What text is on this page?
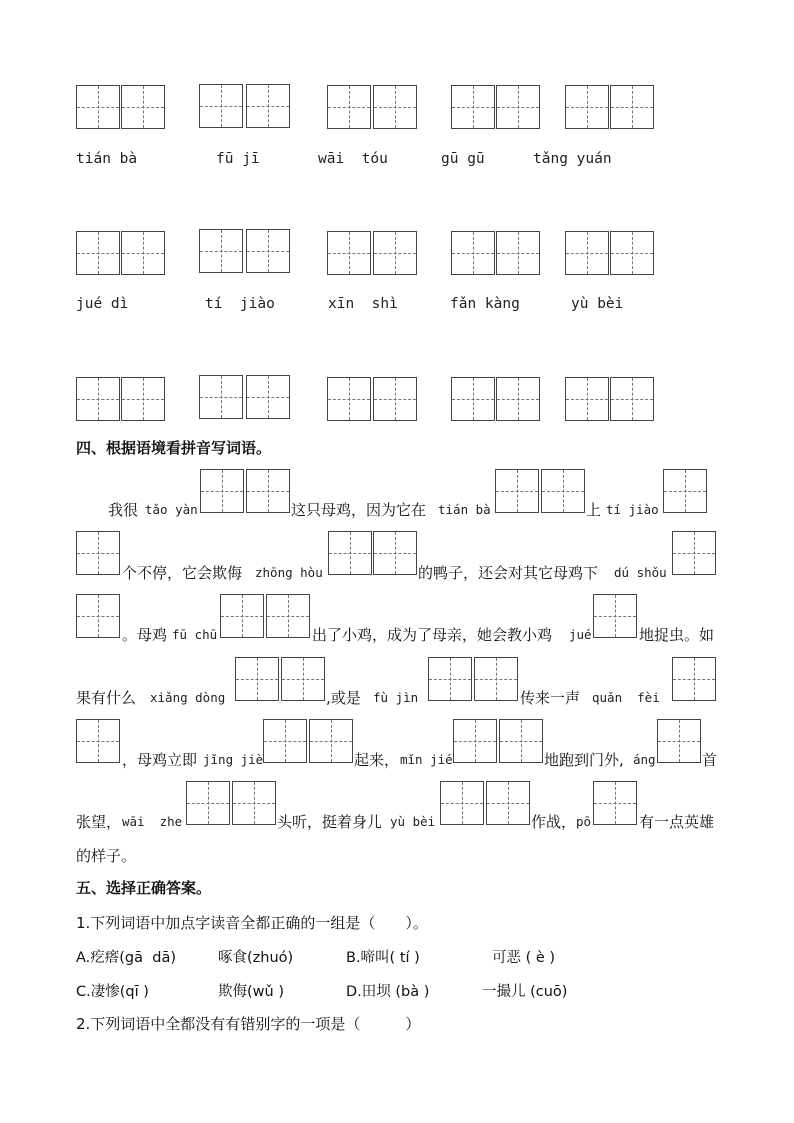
tián bà	fū jī	wāi  tóu	gū gū	tǎng yuán
jué dì	tí  jiào	xīn  shì	fǎn kàng	yù bèi
四、根据语境看拼音写词语。
我很 tǎo yàn	这只母鸡，因为它在 tián bà	上 tí jiào
个不停，它会欺侮 zhōng hòu	的鸭子，还会对其它母鸡下 dú shǒu
。母鸡 fū chū	出了小鸡，成为了母亲，她会教小鸡 jué	地捉虫。如
果有什么 xiǎng dòng	,或是 fù jìn	传来一声 quǎn  fèi
，母鸡立即 jǐng jiè	起来， mǐn jié	地跑到门外, áng	首
张望， wāi  zhe	头听，挺着身儿 yù bèi	作战， pō	有一点英雄
的样子。
五、选择正确答案。
1.下列词语中加点字读音全都正确的一组是（　　）。
A.疙瘩(gā  dā)	啄食(zhuó)	B.啼叫( tí )	可恶 ( è )
C.凄惨(qī )	欺侮(wǔ )	D.田坝 (bà )	一撮儿 (cuō)
2.下列词语中全都没有有错别字的一项是（　　　）
